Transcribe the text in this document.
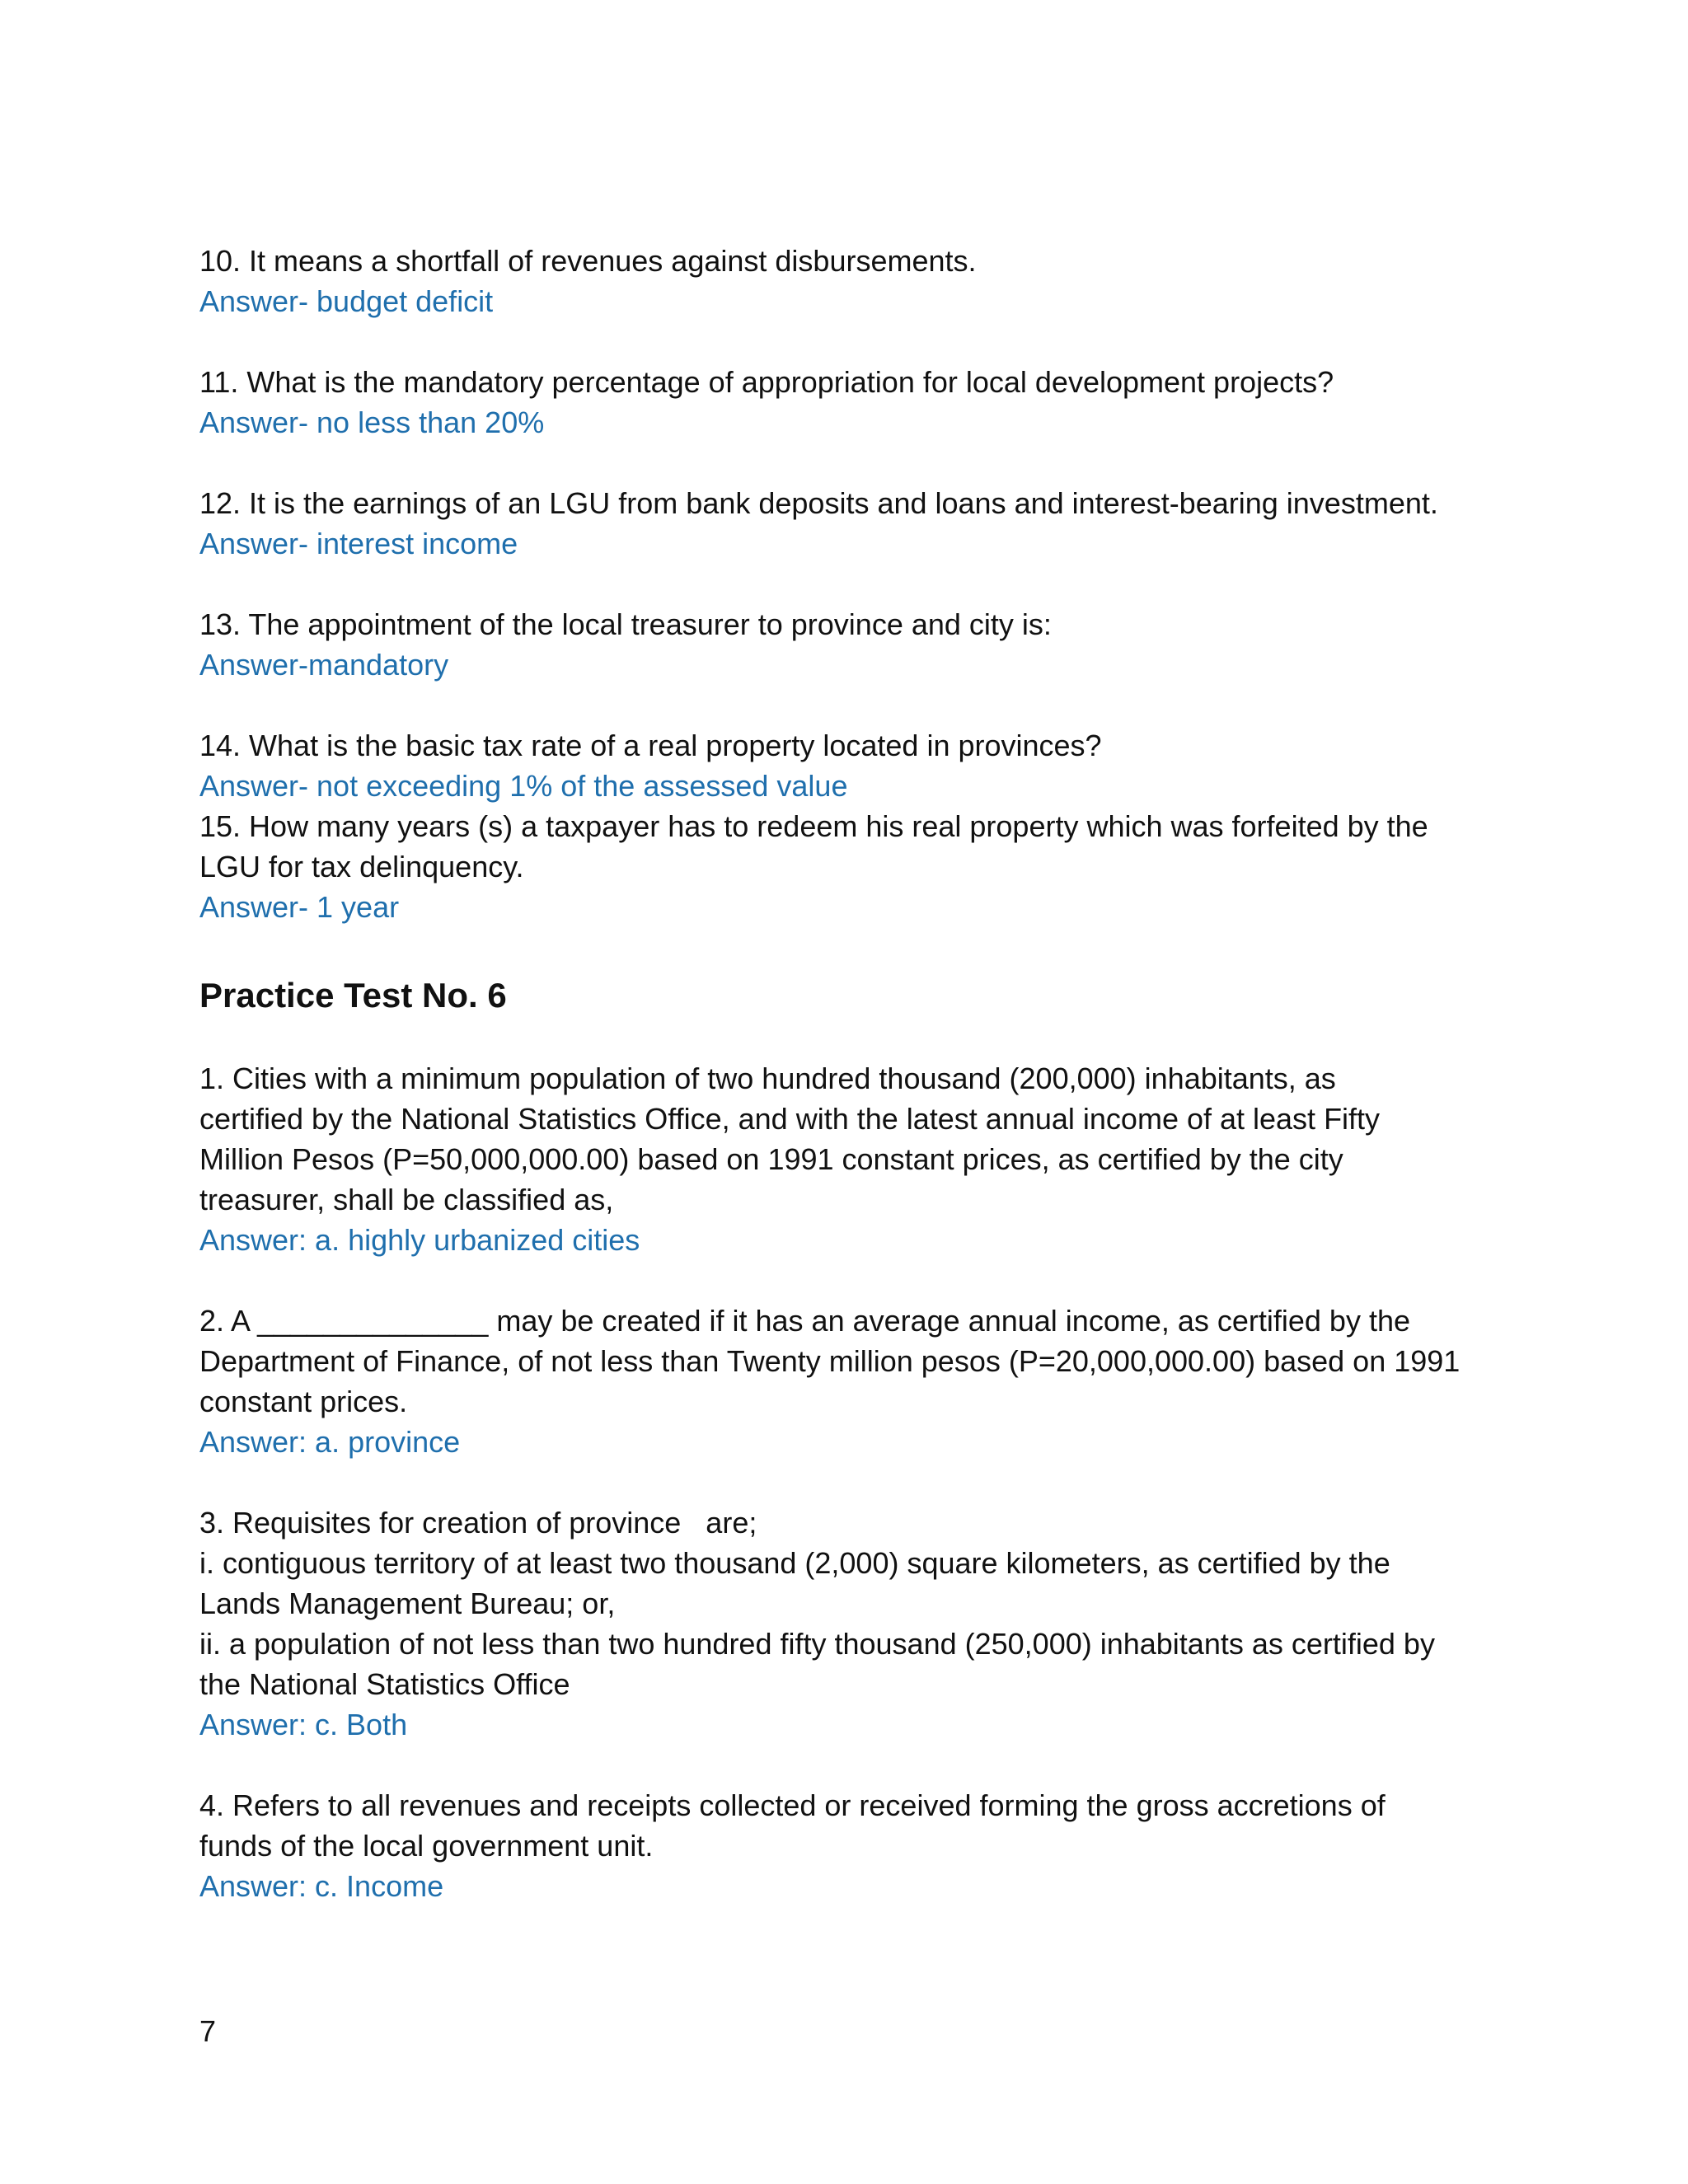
10. It means a shortfall of revenues against disbursements.

Answer- budget deficit

11. What is the mandatory percentage of appropriation for local development projects?

Answer- no less than 20%

12. It is the earnings of an LGU from bank deposits and loans and interest-bearing investment.

Answer- interest income

13. The appointment of the local treasurer to province and city is:

Answer-mandatory

14. What is the basic tax rate of a real property located in provinces?

Answer- not exceeding 1% of the assessed value

15. How many years (s) a taxpayer has to redeem his real property which was forfeited by the

LGU for tax delinquency.

Answer- 1 year

Practice Test No. 6

1. Cities with a minimum population of two hundred thousand (200,000) inhabitants, as

certified by the National Statistics Office, and with the latest annual income of at least Fifty

Million Pesos (P=50,000,000.00) based on 1991 constant prices, as certified by the city

treasurer, shall be classified as,

Answer: a. highly urbanized cities

2. A ______________ may be created if it has an average annual income, as certified by the

Department of Finance, of not less than Twenty million pesos (P=20,000,000.00) based on 1991

constant prices.

Answer: a. province

3. Requisites for creation of province   are;

i. contiguous territory of at least two thousand (2,000) square kilometers, as certified by the

Lands Management Bureau; or,

ii. a population of not less than two hundred fifty thousand (250,000) inhabitants as certified by

the National Statistics Office

Answer: c. Both

4. Refers to all revenues and receipts collected or received forming the gross accretions of

funds of the local government unit.

Answer: c. Income

7
